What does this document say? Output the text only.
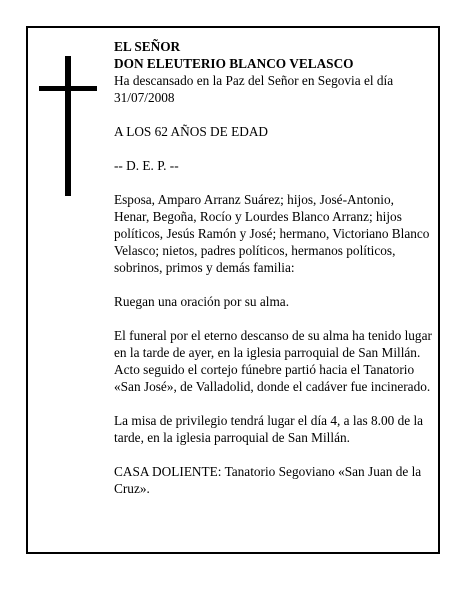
EL SEÑOR

DON ELEUTERIO BLANCO VELASCO

Ha descansado en la Paz del Señor en Segovia el día 31/07/2008

A LOS 62 AÑOS DE EDAD

-- D. E. P. --

Esposa, Amparo Arranz Suárez; hijos, José-Antonio, Henar, Begoña, Rocío y Lourdes Blanco Arranz; hijos políticos, Jesús Ramón y José; hermano, Victoriano Blanco Velasco; nietos, padres políticos, hermanos políticos, sobrinos, primos y demás familia:

Ruegan una oración por su alma.

El funeral por el eterno descanso de su alma ha tenido lugar en la tarde de ayer, en la iglesia parroquial de San Millán. Acto seguido el cortejo fúnebre partió hacia el Tanatorio «San José», de Valladolid, donde el cadáver fue incinerado.

La misa de privilegio tendrá lugar el día 4, a las 8.00 de la tarde, en la iglesia parroquial de San Millán.

CASA DOLIENTE: Tanatorio Segoviano «San Juan de la Cruz».
